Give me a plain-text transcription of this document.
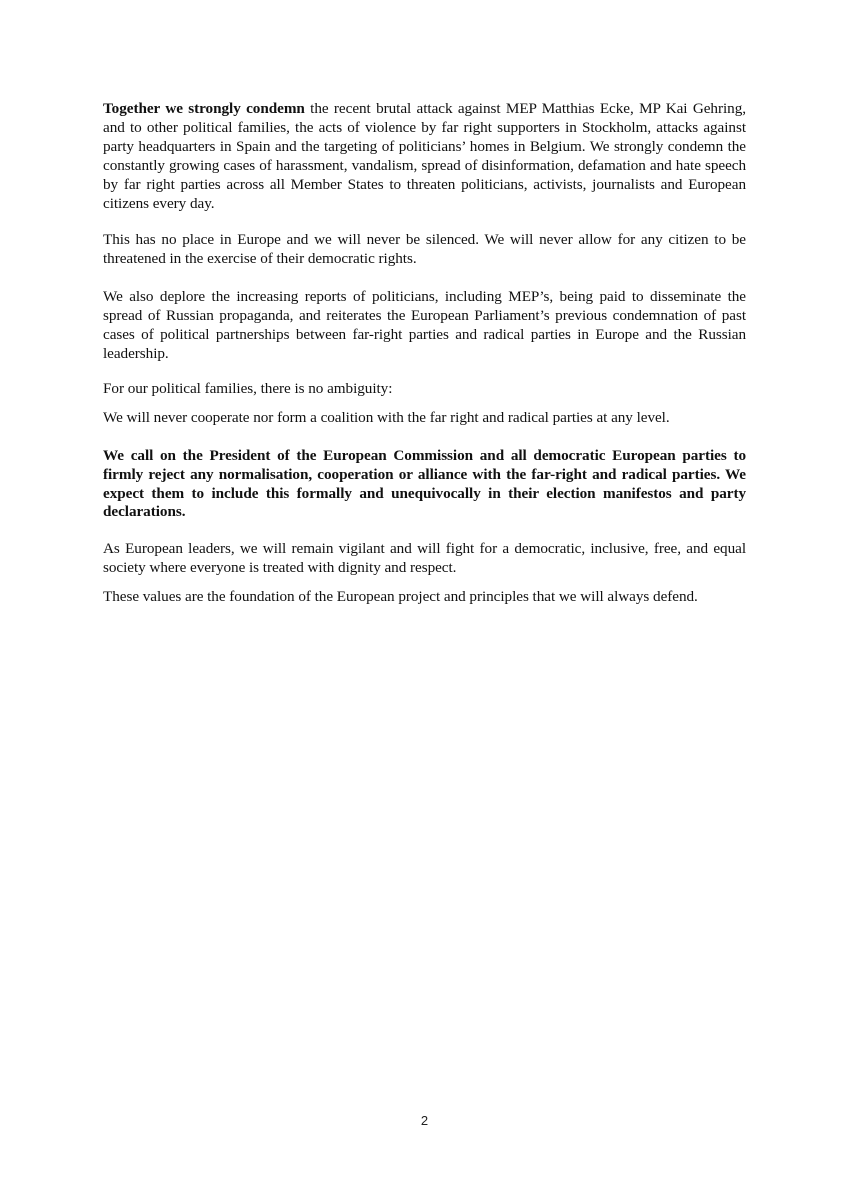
Together we strongly condemn the recent brutal attack against MEP Matthias Ecke, MP Kai Gehring, and to other political families, the acts of violence by far right supporters in Stockholm, attacks against party headquarters in Spain and the targeting of politicians’ homes in Belgium. We strongly condemn the constantly growing cases of harassment, vandalism, spread of disinformation, defamation and hate speech by far right parties across all Member States to threaten politicians, activists, journalists and European citizens every day.

This has no place in Europe and we will never be silenced. We will never allow for any citizen to be threatened in the exercise of their democratic rights.

We also deplore the increasing reports of politicians, including MEP’s, being paid to disseminate the spread of Russian propaganda, and reiterates the European Parliament’s previous condemnation of past cases of political partnerships between far-right parties and radical parties in Europe and the Russian leadership.

For our political families, there is no ambiguity:

We will never cooperate nor form a coalition with the far right and radical parties at any level.

We call on the President of the European Commission and all democratic European parties to firmly reject any normalisation, cooperation or alliance with the far-right and radical parties. We expect them to include this formally and unequivocally in their election manifestos and party declarations.

As European leaders, we will remain vigilant and will fight for a democratic, inclusive, free, and equal society where everyone is treated with dignity and respect.

These values are the foundation of the European project and principles that we will always defend.

2
